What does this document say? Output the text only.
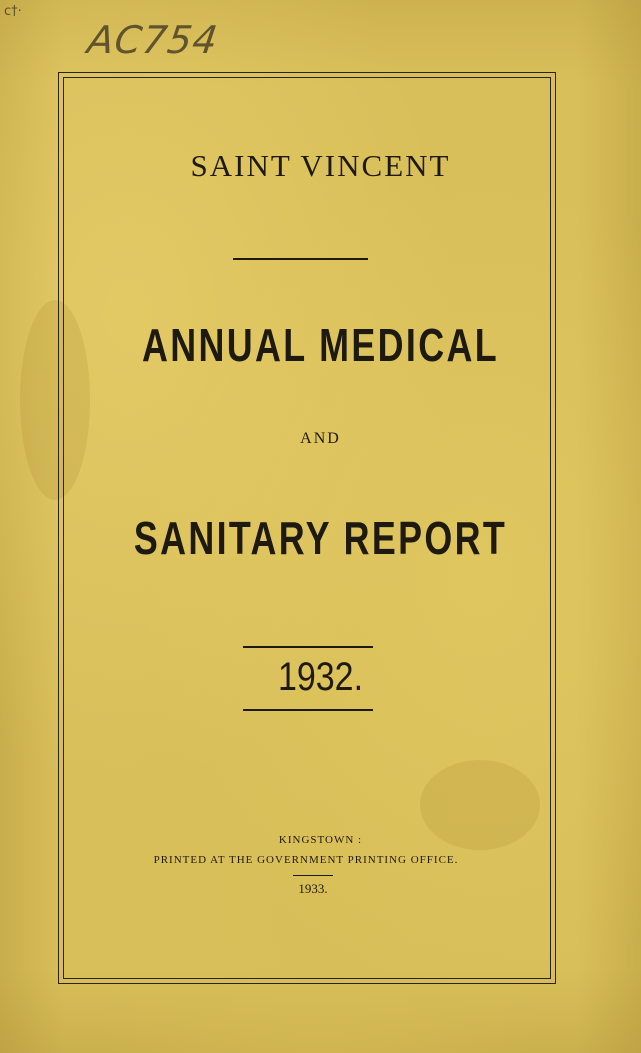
c†·
AC754
SAINT VINCENT
ANNUAL MEDICAL
AND
SANITARY REPORT
1932.
KINGSTOWN :
PRINTED AT THE GOVERNMENT PRINTING OFFICE.
1933.
